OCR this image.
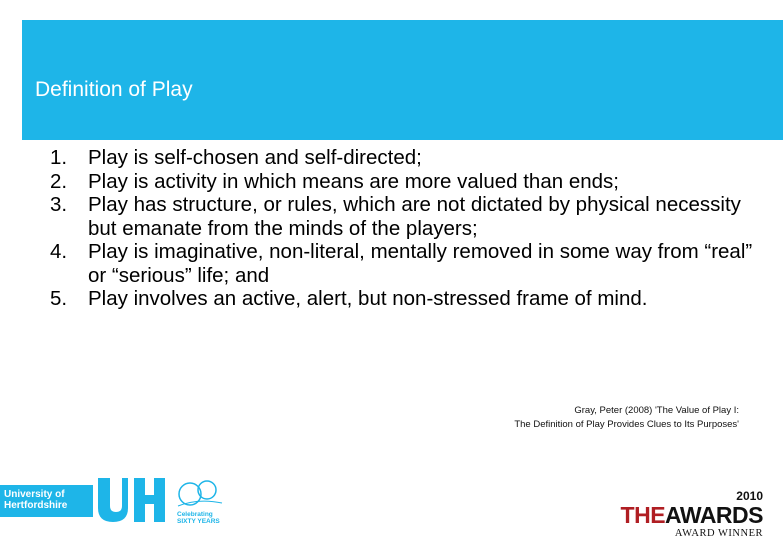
Definition of Play
1. Play is self-chosen and self-directed;
2. Play is activity in which means are more valued than ends;
3. Play has structure, or rules, which are not dictated by physical necessity but emanate from the minds of the players;
4. Play is imaginative, non-literal, mentally removed in some way from “real” or “serious” life; and
5. Play involves an active, alert, but non-stressed frame of mind.
Gray, Peter (2008) 'The Value of Play I:
The Definition of Play Provides Clues to Its Purposes'
University of
Hertfordshire
Celebrating
SIXTY YEARS
2010
THEAWARDS
AWARD WINNER
